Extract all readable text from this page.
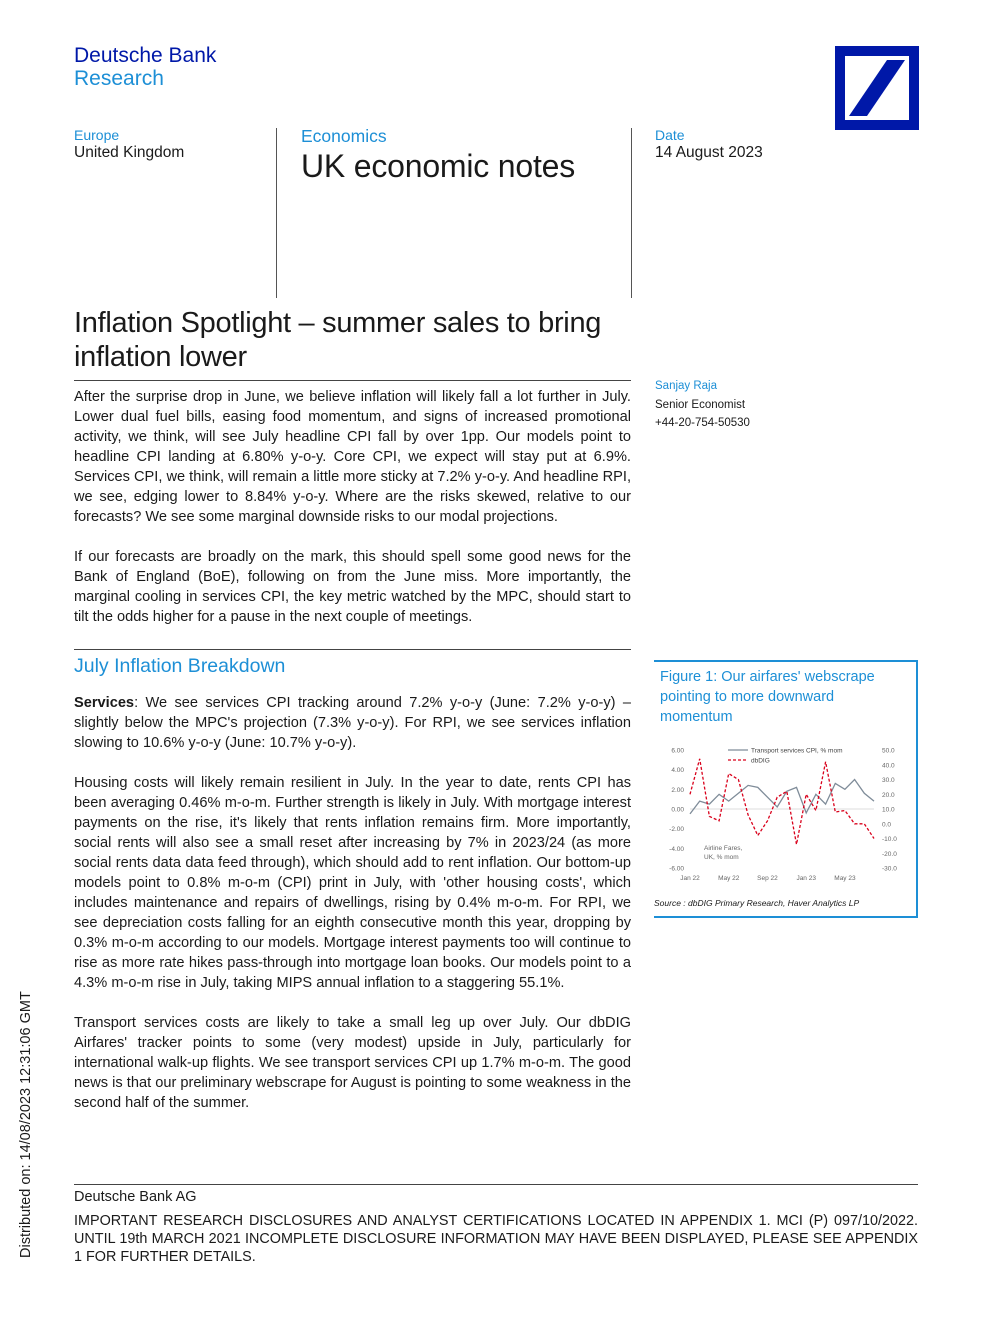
Deutsche Bank
Research
Europe
United Kingdom
Economics
UK economic notes
Date
14 August 2023
Inflation Spotlight – summer sales to bring inflation lower

After the surprise drop in June, we believe inflation will likely fall a lot further in July. Lower dual fuel bills, easing food momentum, and signs of increased promotional activity, we think, will see July headline CPI fall by over 1pp. Our models point to headline CPI landing at 6.80% y-o-y. Core CPI, we expect will stay put at 6.9%. Services CPI, we think, will remain a little more sticky at 7.2% y-o-y. And headline RPI, we see, edging lower to 8.84% y-o-y. Where are the risks skewed, relative to our forecasts? We see some marginal downside risks to our modal projections.

If our forecasts are broadly on the mark, this should spell some good news for the Bank of England (BoE), following on from the June miss. More importantly, the marginal cooling in services CPI, the key metric watched by the MPC, should start to tilt the odds higher for a pause in the next couple of meetings.

Sanjay Raja
Senior Economist
+44-20-754-50530
July Inflation Breakdown

Services: We see services CPI tracking around 7.2% y-o-y (June: 7.2% y-o-y) – slightly below the MPC's projection (7.3% y-o-y). For RPI, we see services inflation slowing to 10.6% y-o-y (June: 10.7% y-o-y).

Housing costs will likely remain resilient in July. In the year to date, rents CPI has been averaging 0.46% m-o-m. Further strength is likely in July. With mortgage interest payments on the rise, it's likely that rents inflation remains firm. More importantly, social rents will also see a small reset after increasing by 7% in 2023/24 (as more social rents data data feed through), which should add to rent inflation. Our bottom-up models point to 0.8% m-o-m (CPI) print in July, with 'other housing costs', which includes maintenance and repairs of dwellings, rising by 0.4% m-o-m. For RPI, we see depreciation costs falling for an eighth consecutive month this year, dropping by 0.3% m-o-m according to our models. Mortgage interest payments too will continue to rise as more rate hikes pass-through into mortgage loan books. Our models point to a 4.3% m-o-m rise in July, taking MIPS annual inflation to a staggering 55.1%.

Transport services costs are likely to take a small leg up over July. Our dbDIG Airfares' tracker points to some (very modest) upside in July, particularly for international walk-up flights. We see transport services CPI up 1.7% m-o-m. The good news is that our preliminary webscrape for August is pointing to some weakness in the second half of the summer.

Figure 1: Our airfares' webscrape pointing to more downward momentum
6.00
4.00
2.00
0.00
-2.00
-4.00
-6.00
50.0
40.0
30.0
20.0
10.0
0.0
-10.0
-20.0
-30.0
Jan 22	May 22	Sep 22	Jan 23	May 23
Transport services CPI, % mom
dbDIG
Airline Fares,
UK, % mom
Source : dbDIG Primary Research, Haver Analytics LP
Deutsche Bank AG
IMPORTANT RESEARCH DISCLOSURES AND ANALYST CERTIFICATIONS LOCATED IN APPENDIX 1. MCI (P) 097/10/2022. UNTIL 19th MARCH 2021 INCOMPLETE DISCLOSURE INFORMATION MAY HAVE BEEN DISPLAYED, PLEASE SEE APPENDIX 1 FOR FURTHER DETAILS.
Distributed on: 14/08/2023 12:31:06 GMT
